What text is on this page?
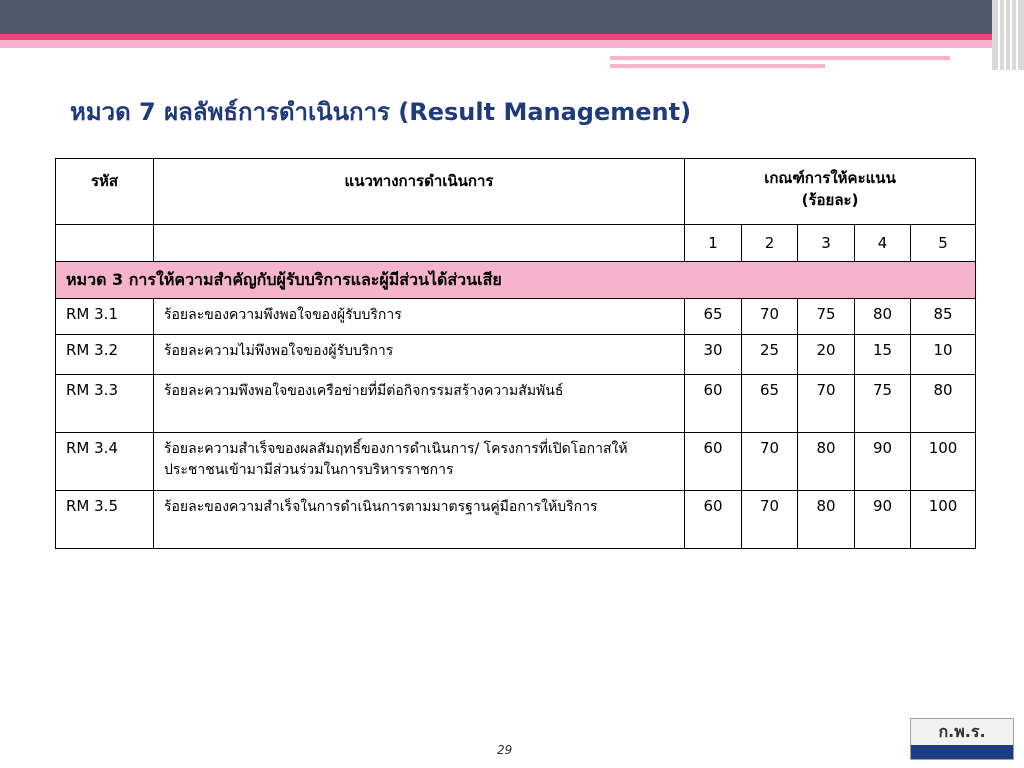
หมวด 7 ผลลัพธ์การดำเนินการ (Result Management)
รหัส	แนวทางการดำเนินการ	เกณฑ์การให้คะแนน
(ร้อยละ)				

		1	2	3	4	5
หมวด 3 การให้ความสำคัญกับผู้รับบริการและผู้มีส่วนได้ส่วนเสีย						
RM 3.1	ร้อยละของความพึงพอใจของผู้รับบริการ	65	70	75	80	85
RM 3.2	ร้อยละความไม่พึงพอใจของผู้รับบริการ	30	25	20	15	10
RM 3.3	ร้อยละความพึงพอใจของเครือข่ายที่มีต่อกิจกรรมสร้างความสัมพันธ์	60	65	70	75	80
RM 3.4	ร้อยละความสำเร็จของผลสัมฤทธิ์ของการดำเนินการ/ โครงการที่เปิดโอกาสให้ประชาชนเข้ามามีส่วนร่วมในการบริหารราชการ	60	70	80	90	100
RM 3.5	ร้อยละของความสำเร็จในการดำเนินการตามมาตรฐานคู่มือการให้บริการ	60	70	80	90	100
29
ก.พ.ร.
